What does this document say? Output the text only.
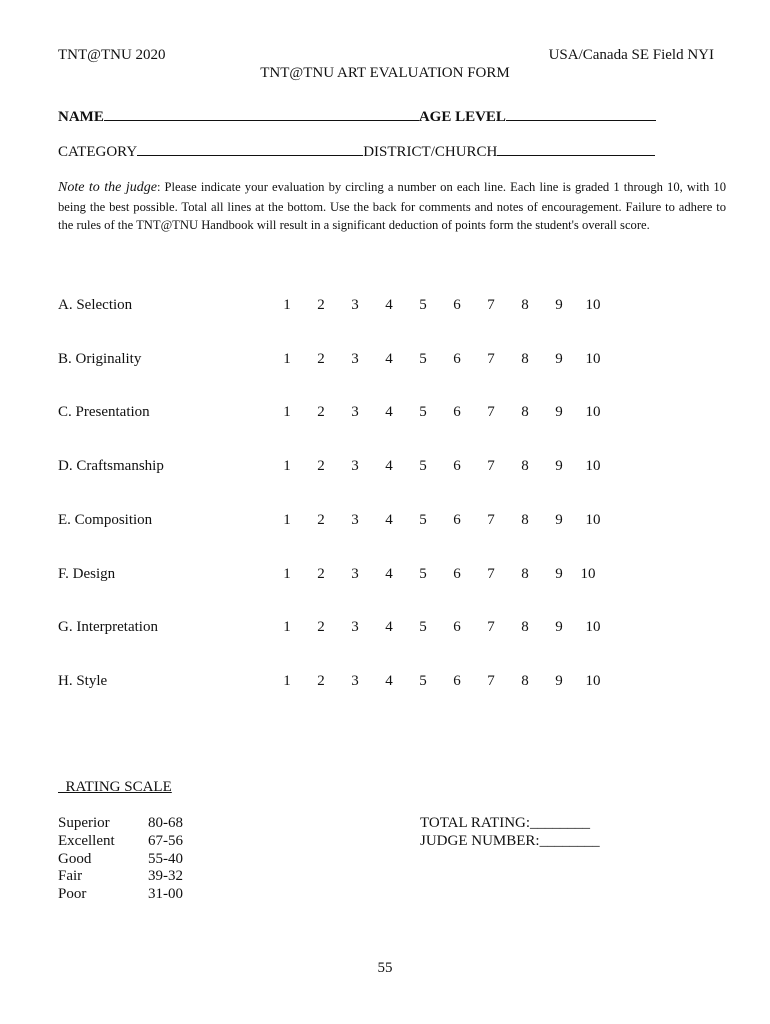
TNT@TNU 2020	USA/Canada SE Field NYI
TNT@TNU ART EVALUATION FORM
NAME	AGE LEVEL
CATEGORY	DISTRICT/CHURCH
Note to the judge: Please indicate your evaluation by circling a number on each line. Each line is graded 1 through 10, with 10 being the best possible. Total all lines at the bottom. Use the back for comments and notes of encouragement. Failure to adhere to the rules of the TNT@TNU Handbook will result in a significant deduction of points form the student's overall score.
A. Selection	1	2	3	4	5	6	7	8	9	10
B. Originality	1	2	3	4	5	6	7	8	9	10
C. Presentation	1	2	3	4	5	6	7	8	9	10
D. Craftsmanship	1	2	3	4	5	6	7	8	9	10
E. Composition	1	2	3	4	5	6	7	8	9	10
F. Design	1	2	3	4	5	6	7	8	9	10
G. Interpretation	1	2	3	4	5	6	7	8	9	10
H. Style	1	2	3	4	5	6	7	8	9	10
RATING SCALE
Superior	80-68
Excellent 67-56
Good	55-40
Fair	39-32
Poor	31-00
TOTAL RATING:________
JUDGE NUMBER:________
55
